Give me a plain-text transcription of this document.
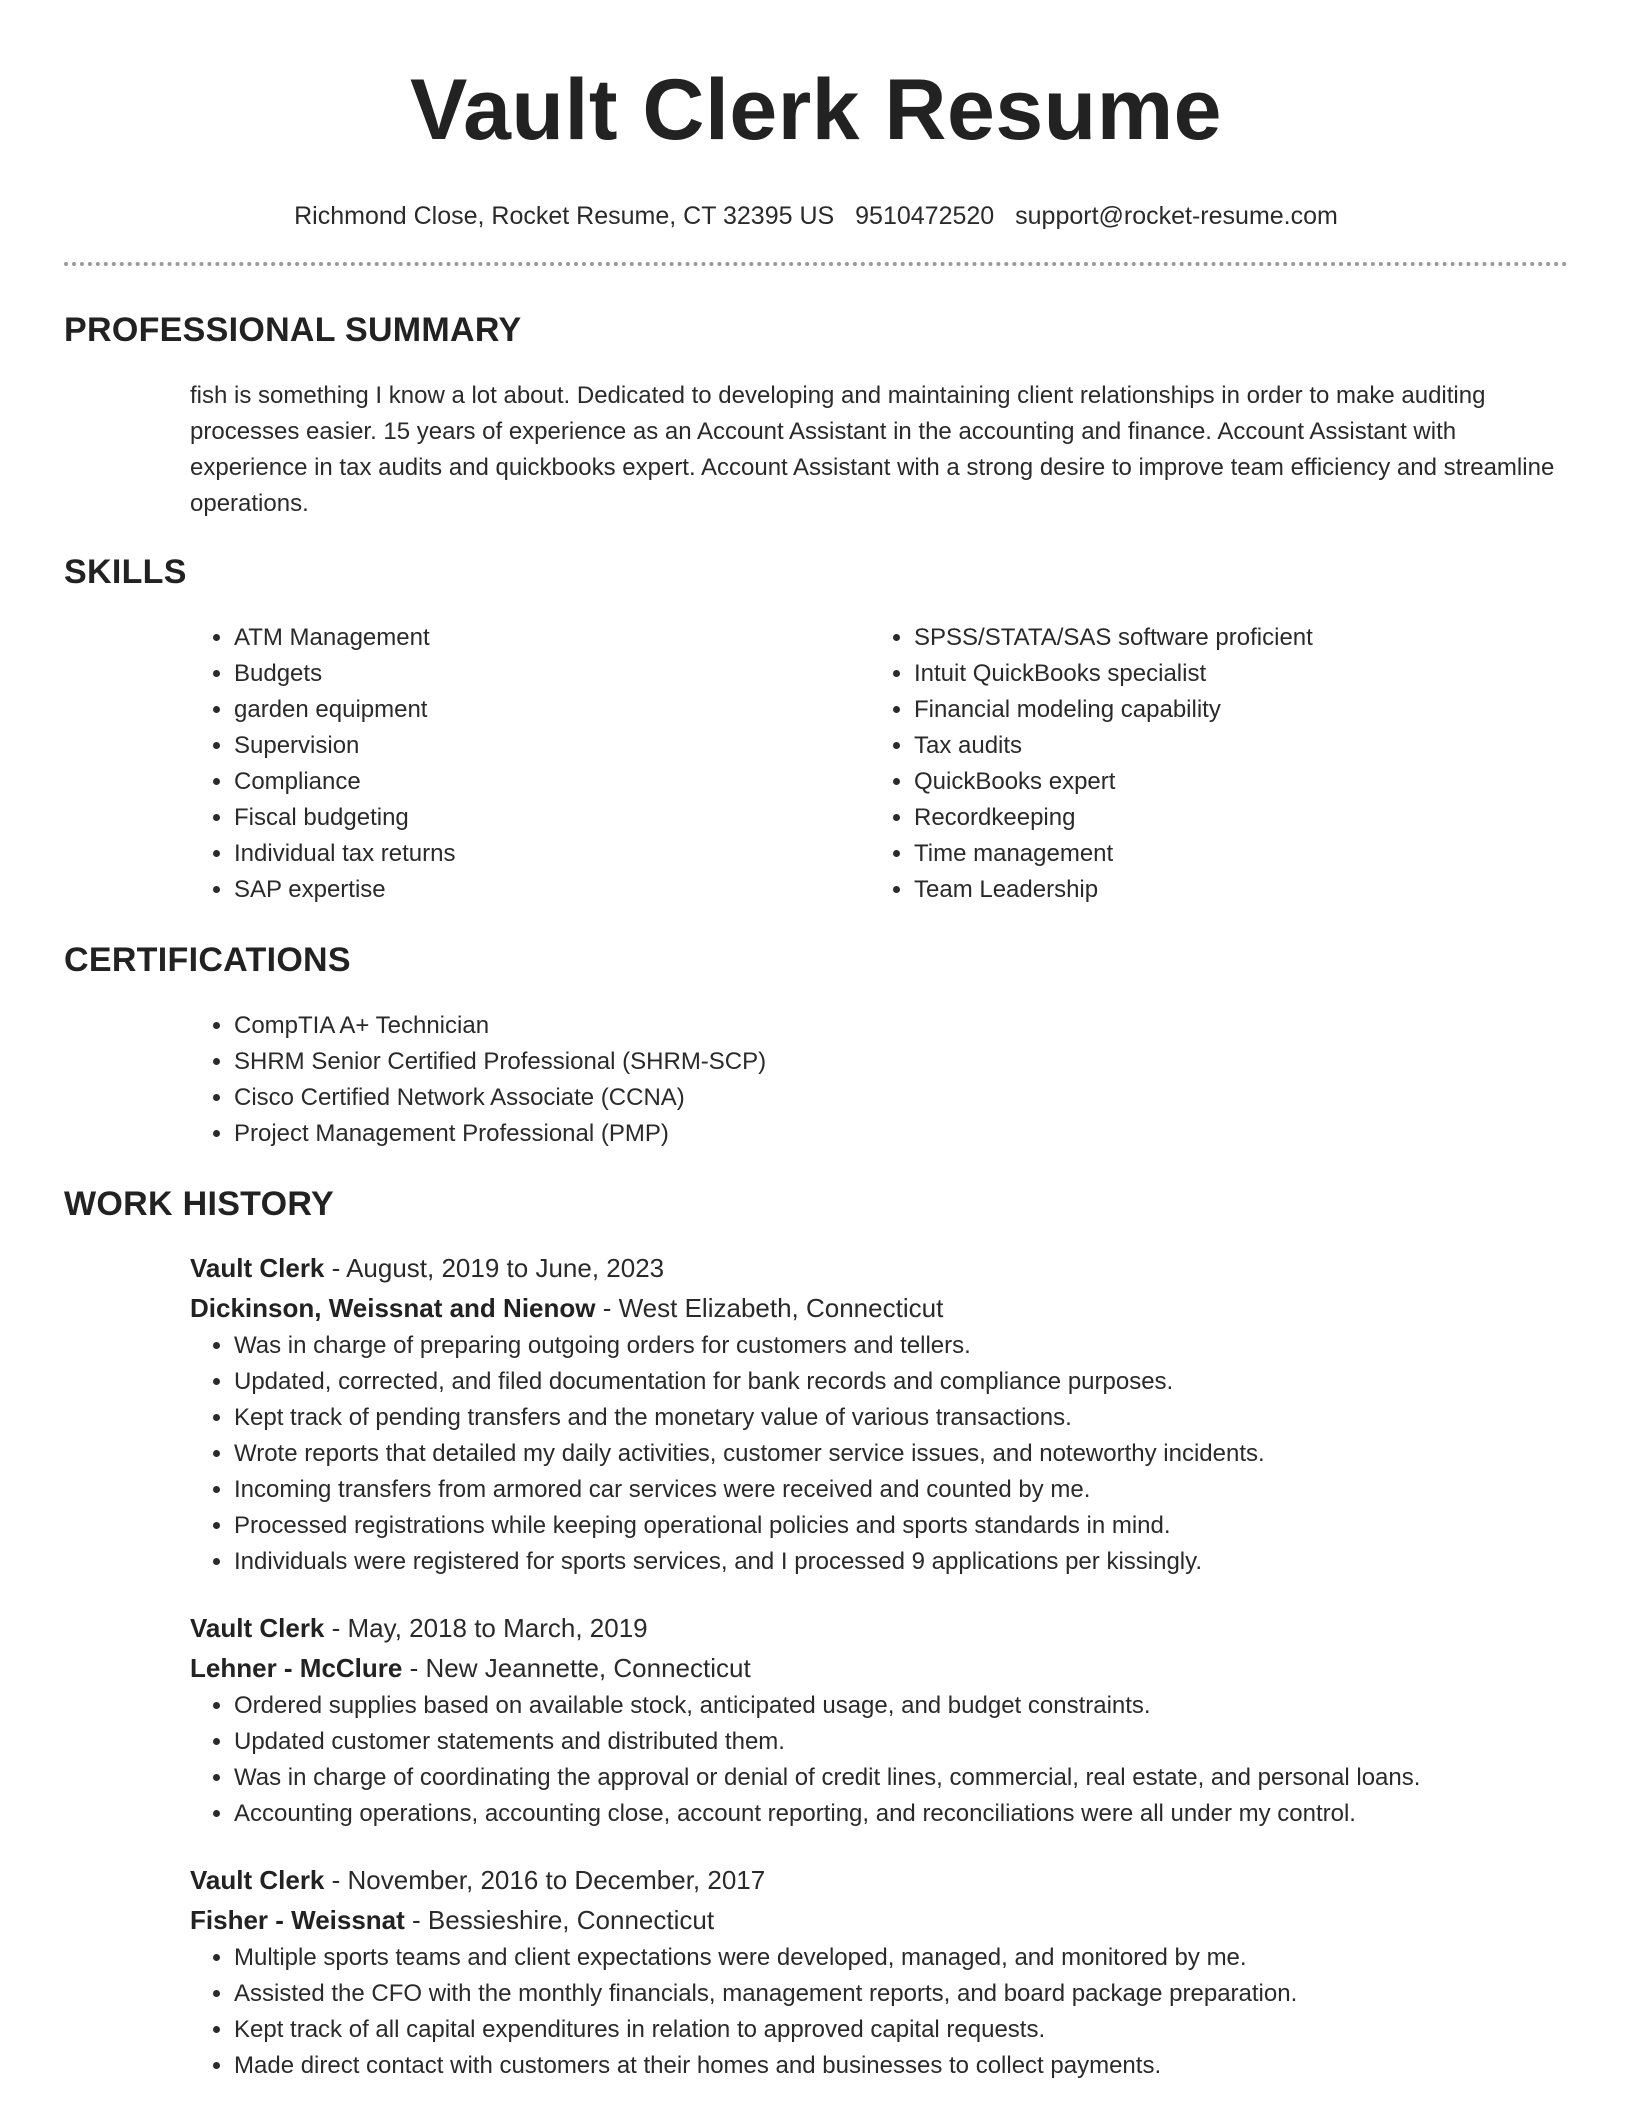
Vault Clerk Resume
Richmond Close, Rocket Resume, CT 32395 US 9510472520 support@rocket-resume.com
PROFESSIONAL SUMMARY

fish is something I know a lot about. Dedicated to developing and maintaining client relationships in order to make auditing processes easier. 15 years of experience as an Account Assistant in the accounting and finance. Account Assistant with experience in tax audits and quickbooks expert. Account Assistant with a strong desire to improve team efficiency and streamline operations.

SKILLS
• ATM Management
• Budgets
• garden equipment
• Supervision
• Compliance
• Fiscal budgeting
• Individual tax returns
• SAP expertise
• SPSS/STATA/SAS software proficient
• Intuit QuickBooks specialist
• Financial modeling capability
• Tax audits
• QuickBooks expert
• Recordkeeping
• Time management
• Team Leadership
CERTIFICATIONS
• CompTIA A+ Technician
• SHRM Senior Certified Professional (SHRM-SCP)
• Cisco Certified Network Associate (CCNA)
• Project Management Professional (PMP)
WORK HISTORY
Vault Clerk - August, 2019 to June, 2023
Dickinson, Weissnat and Nienow - West Elizabeth, Connecticut
• Was in charge of preparing outgoing orders for customers and tellers.
• Updated, corrected, and filed documentation for bank records and compliance purposes.
• Kept track of pending transfers and the monetary value of various transactions.
• Wrote reports that detailed my daily activities, customer service issues, and noteworthy incidents.
• Incoming transfers from armored car services were received and counted by me.
• Processed registrations while keeping operational policies and sports standards in mind.
• Individuals were registered for sports services, and I processed 9 applications per kissingly.
Vault Clerk - May, 2018 to March, 2019
Lehner - McClure - New Jeannette, Connecticut
• Ordered supplies based on available stock, anticipated usage, and budget constraints.
• Updated customer statements and distributed them.
• Was in charge of coordinating the approval or denial of credit lines, commercial, real estate, and personal loans.
• Accounting operations, accounting close, account reporting, and reconciliations were all under my control.
Vault Clerk - November, 2016 to December, 2017
Fisher - Weissnat - Bessieshire, Connecticut
• Multiple sports teams and client expectations were developed, managed, and monitored by me.
• Assisted the CFO with the monthly financials, management reports, and board package preparation.
• Kept track of all capital expenditures in relation to approved capital requests.
• Made direct contact with customers at their homes and businesses to collect payments.
